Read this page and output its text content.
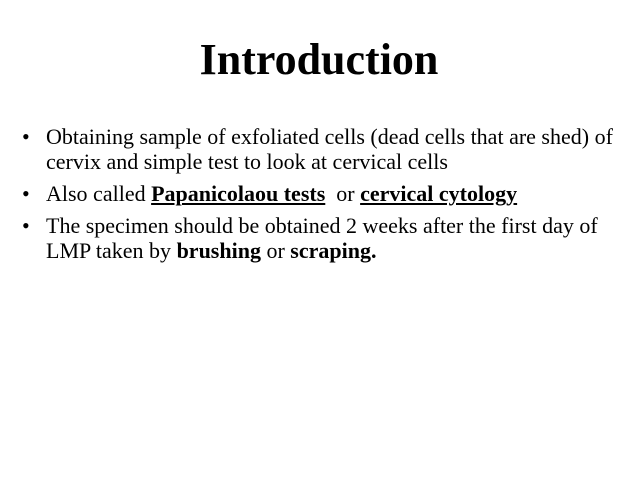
Introduction
• Obtaining sample of exfoliated cells (dead cells that are shed) of cervix and simple test to look at cervical cells
• Also called Papanicolaou tests  or cervical cytology
• The specimen should be obtained 2 weeks after the first day of LMP taken by brushing or scraping.
